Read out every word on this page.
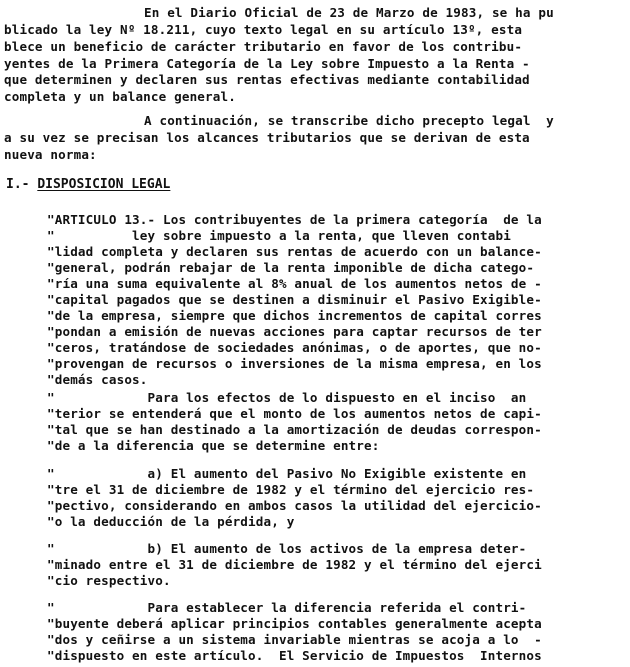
En el Diario Oficial de 23 de Marzo de 1983, se ha pu
blicado la ley Nº 18.211, cuyo texto legal en su artículo 13º, esta
blece un beneficio de carácter tributario en favor de los contribu-
yentes de la Primera Categoría de la Ley sobre Impuesto a la Renta -
que determinen y declaren sus rentas efectivas mediante contabilidad
completa y un balance general.
A continuación, se transcribe dicho precepto legal  y
a su vez se precisan los alcances tributarios que se derivan de esta
nueva norma:
I.- DISPOSICION LEGAL
"ARTICULO 13.- Los contribuyentes de la primera categoría  de la
"          ley sobre impuesto a la renta, que lleven contabi
"lidad completa y declaren sus rentas de acuerdo con un balance-
"general, podrán rebajar de la renta imponible de dicha catego-
"ría una suma equivalente al 8% anual de los aumentos netos de -
"capital pagados que se destinen a disminuir el Pasivo Exigible-
"de la empresa, siempre que dichos incrementos de capital corres
"pondan a emisión de nuevas acciones para captar recursos de ter
"ceros, tratándose de sociedades anónimas, o de aportes, que no-
"provengan de recursos o inversiones de la misma empresa, en los
"demás casos.
"            Para los efectos de lo dispuesto en el inciso  an
"terior se entenderá que el monto de los aumentos netos de capi-
"tal que se han destinado a la amortización de deudas correspon-
"de a la diferencia que se determine entre:
"            a) El aumento del Pasivo No Exigible existente en
"tre el 31 de diciembre de 1982 y el término del ejercicio res-
"pectivo, considerando en ambos casos la utilidad del ejercicio-
"o la deducción de la pérdida, y
"            b) El aumento de los activos de la empresa deter-
"minado entre el 31 de diciembre de 1982 y el término del ejerci
"cio respectivo.
"            Para establecer la diferencia referida el contri-
"buyente deberá aplicar principios contables generalmente acepta
"dos y ceñirse a un sistema invariable mientras se acoja a lo  -
"dispuesto en este artículo.  El Servicio de Impuestos  Internos
